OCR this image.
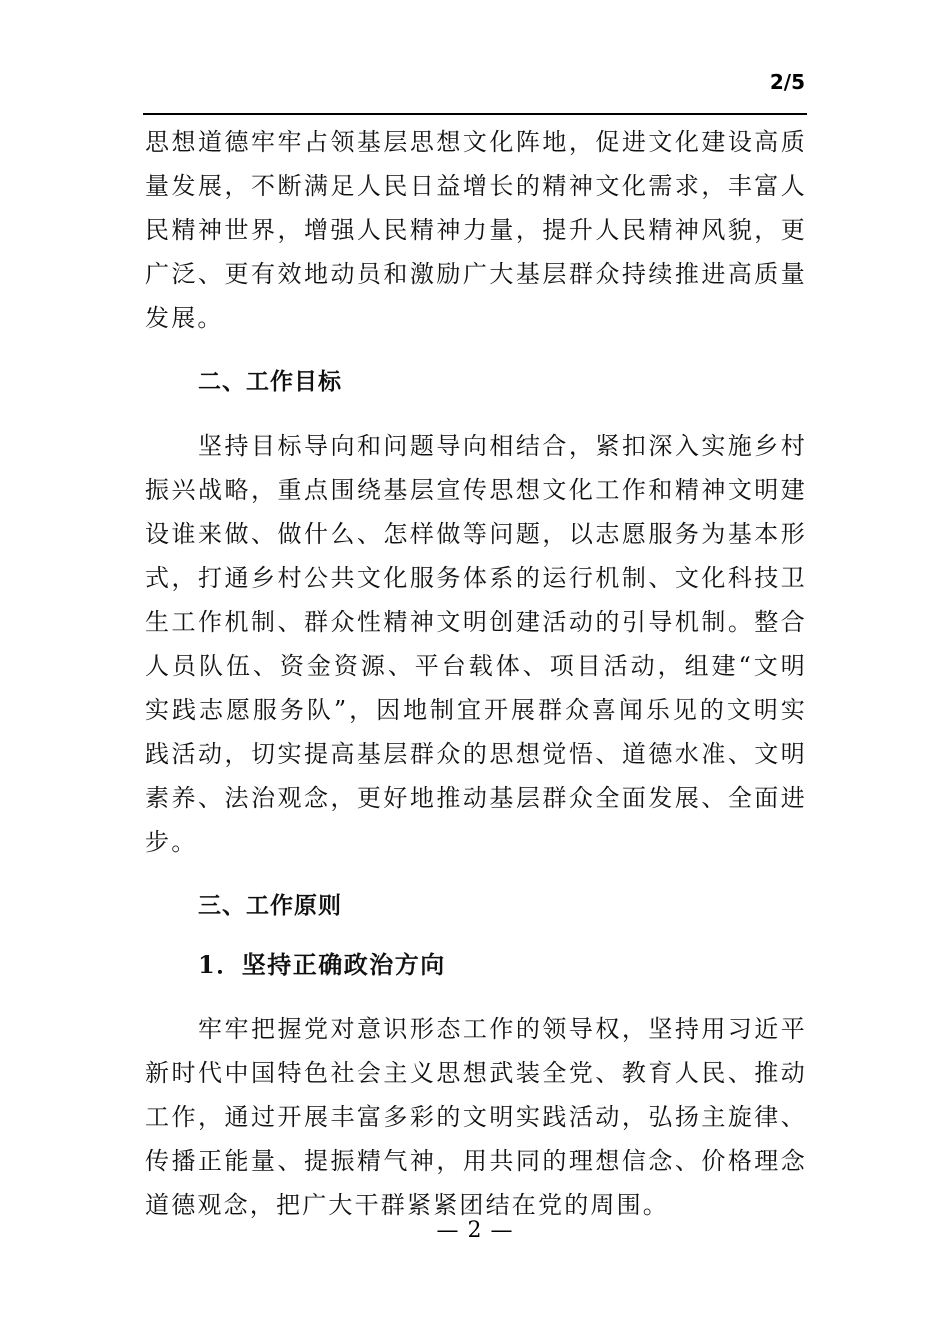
2/5

思想道德牢牢占领基层思想文化阵地，促进文化建设高质量发展，不断满足人民日益增长的精神文化需求，丰富人民精神世界，增强人民精神力量，提升人民精神风貌，更广泛、更有效地动员和激励广大基层群众持续推进高质量发展。

二、工作目标

坚持目标导向和问题导向相结合，紧扣深入实施乡村振兴战略，重点围绕基层宣传思想文化工作和精神文明建设谁来做、做什么、怎样做等问题，以志愿服务为基本形式，打通乡村公共文化服务体系的运行机制、文化科技卫生工作机制、群众性精神文明创建活动的引导机制。整合人员队伍、资金资源、平台载体、项目活动，组建“文明实践志愿服务队”，因地制宜开展群众喜闻乐见的文明实践活动，切实提高基层群众的思想觉悟、道德水准、文明素养、法治观念，更好地推动基层群众全面发展、全面进步。

三、工作原则
1．坚持正确政治方向

牢牢把握党对意识形态工作的领导权，坚持用习近平新时代中国特色社会主义思想武装全党、教育人民、推动工作，通过开展丰富多彩的文明实践活动，弘扬主旋律、传播正能量、提振精气神，用共同的理想信念、价格理念道德观念，把广大干群紧紧团结在党的周围。

— 2 —
